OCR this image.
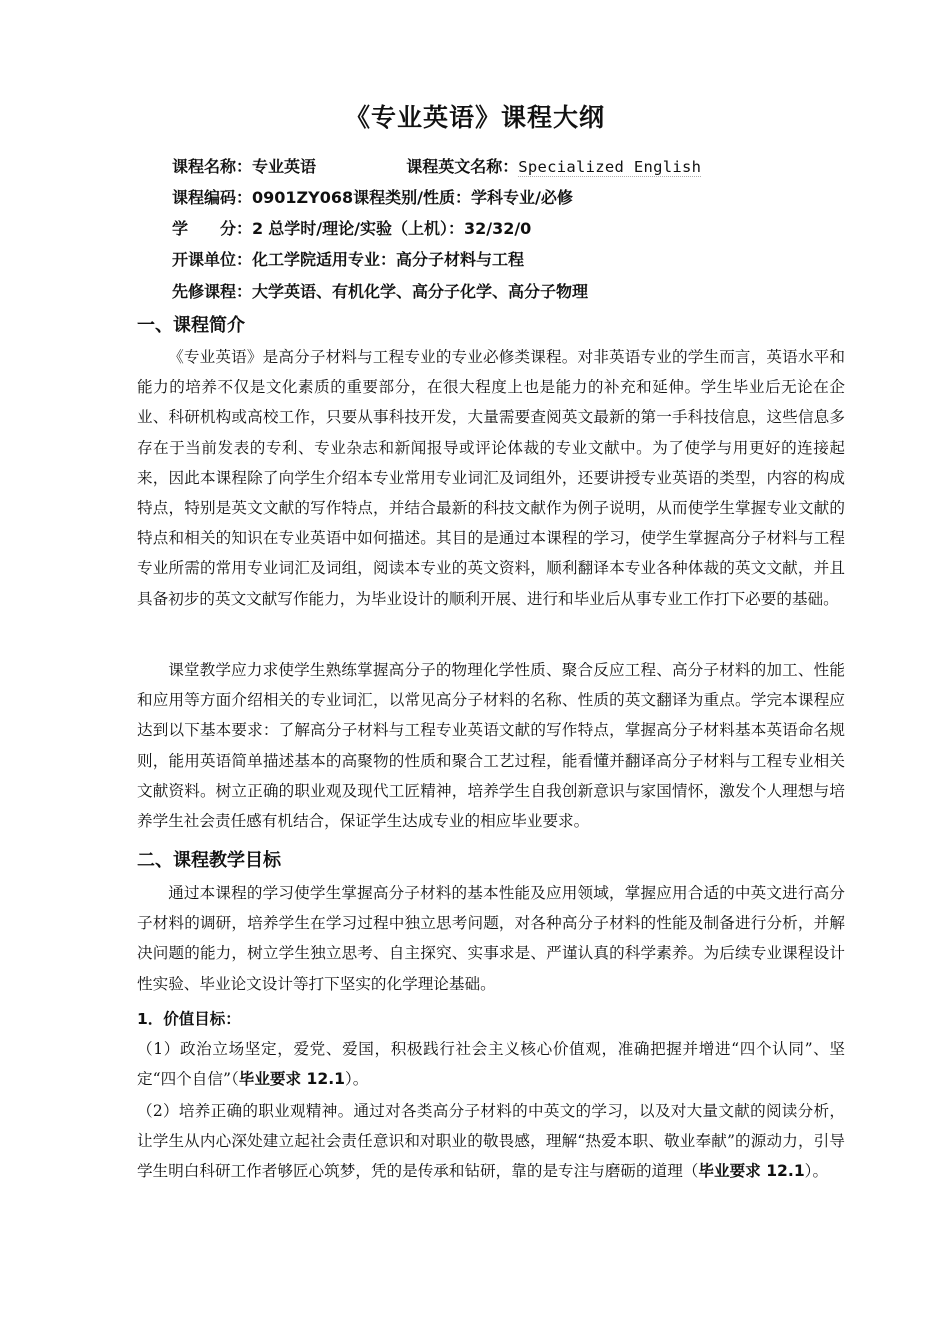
《专业英语》课程大纲
课程名称：专业英语	课程英文名称：Specialized English
课程编码：0901ZY068课程类别/性质：学科专业/必修
学　　分：2 总学时/理论/实验（上机）：32/32/0
开课单位：化工学院适用专业：高分子材料与工程
先修课程：大学英语、有机化学、高分子化学、高分子物理
一、课程简介

《专业英语》是高分子材料与工程专业的专业必修类课程。对非英语专业的学生而言，英语水平和能力的培养不仅是文化素质的重要部分，在很大程度上也是能力的补充和延伸。学生毕业后无论在企业、科研机构或高校工作，只要从事科技开发，大量需要查阅英文最新的第一手科技信息，这些信息多存在于当前发表的专利、专业杂志和新闻报导或评论体裁的专业文献中。为了使学与用更好的连接起来，因此本课程除了向学生介绍本专业常用专业词汇及词组外，还要讲授专业英语的类型，内容的构成特点，特别是英文文献的写作特点，并结合最新的科技文献作为例子说明，从而使学生掌握专业文献的特点和相关的知识在专业英语中如何描述。其目的是通过本课程的学习，使学生掌握高分子材料与工程专业所需的常用专业词汇及词组，阅读本专业的英文资料，顺利翻译本专业各种体裁的英文文献，并且具备初步的英文文献写作能力，为毕业设计的顺利开展、进行和毕业后从事专业工作打下必要的基础。

课堂教学应力求使学生熟练掌握高分子的物理化学性质、聚合反应工程、高分子材料的加工、性能和应用等方面介绍相关的专业词汇，以常见高分子材料的名称、性质的英文翻译为重点。学完本课程应达到以下基本要求：了解高分子材料与工程专业英语文献的写作特点，掌握高分子材料基本英语命名规则，能用英语简单描述基本的高聚物的性质和聚合工艺过程，能看懂并翻译高分子材料与工程专业相关文献资料。树立正确的职业观及现代工匠精神，培养学生自我创新意识与家国情怀，激发个人理想与培养学生社会责任感有机结合，保证学生达成专业的相应毕业要求。

二、课程教学目标

通过本课程的学习使学生掌握高分子材料的基本性能及应用领域，掌握应用合适的中英文进行高分子材料的调研，培养学生在学习过程中独立思考问题，对各种高分子材料的性能及制备进行分析，并解决问题的能力，树立学生独立思考、自主探究、实事求是、严谨认真的科学素养。为后续专业课程设计性实验、毕业论文设计等打下坚实的化学理论基础。

1．价值目标：

（1）政治立场坚定，爱党、爱国，积极践行社会主义核心价值观，准确把握并增进“四个认同”、坚定“四个自信”（毕业要求 12.1）。

（2）培养正确的职业观精神。通过对各类高分子材料的中英文的学习，以及对大量文献的阅读分析，让学生从内心深处建立起社会责任意识和对职业的敬畏感，理解“热爱本职、敬业奉献”的源动力，引导学生明白科研工作者够匠心筑梦，凭的是传承和钻研，靠的是专注与磨砺的道理（毕业要求 12.1）。
